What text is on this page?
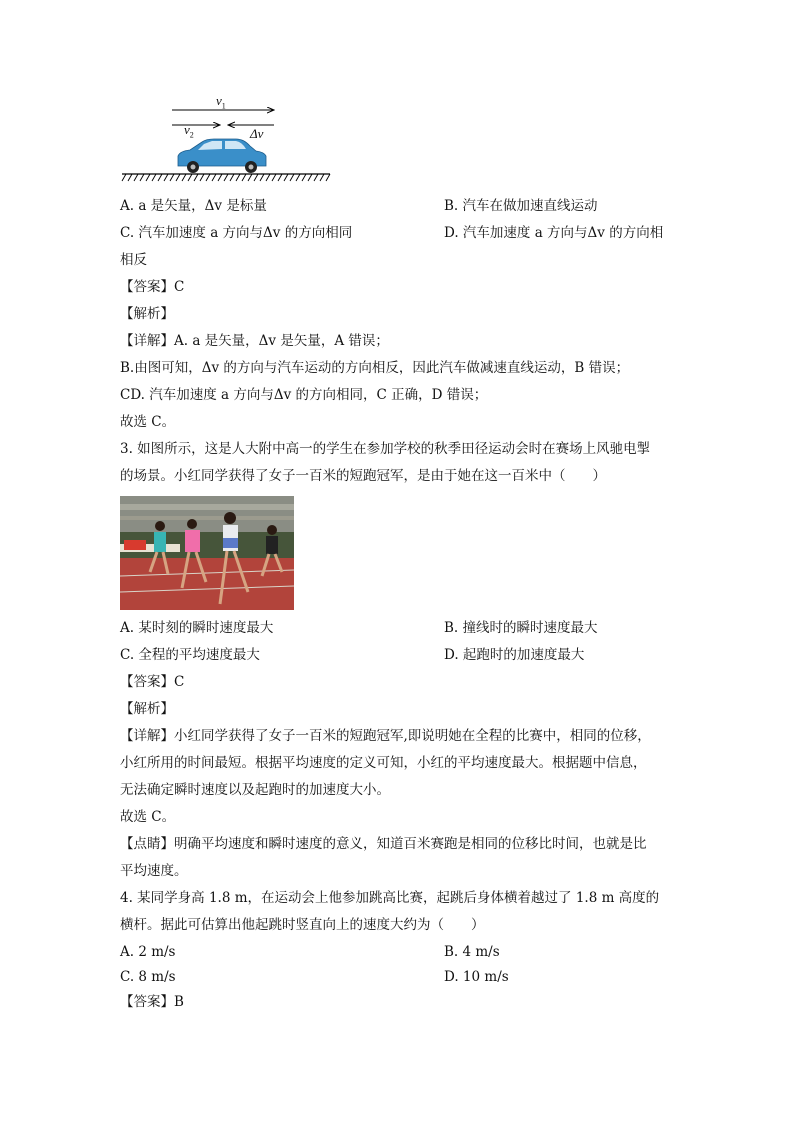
$v_1$
$v_2$	Δv
A. a 是矢量，Δv 是标量	B. 汽车在做加速直线运动
C. 汽车加速度 a 方向与Δv 的方向相同	D. 汽车加速度 a 方向与Δv 的方向相
相反
【答案】C
【解析】
【详解】A. a 是矢量，Δv 是矢量，A 错误；
B.由图可知，Δv 的方向与汽车运动的方向相反，因此汽车做减速直线运动，B 错误；
CD. 汽车加速度 a 方向与Δv 的方向相同，C 正确，D 错误；
故选 C。
3. 如图所示，这是人大附中高一的学生在参加学校的秋季田径运动会时在赛场上风驰电掣
的场景。小红同学获得了女子一百米的短跑冠军，是由于她在这一百米中（　　）
A. 某时刻的瞬时速度最大	B. 撞线时的瞬时速度最大
C. 全程的平均速度最大	D. 起跑时的加速度最大
【答案】C
【解析】
【详解】小红同学获得了女子一百米的短跑冠军,即说明她在全程的比赛中，相同的位移，
小红所用的时间最短。根据平均速度的定义可知，小红的平均速度最大。根据题中信息，
无法确定瞬时速度以及起跑时的加速度大小。
故选 C。
【点睛】明确平均速度和瞬时速度的意义，知道百米赛跑是相同的位移比时间，也就是比
平均速度。
4. 某同学身高 1.8 m，在运动会上他参加跳高比赛，起跳后身体横着越过了 1.8 m 高度的
横杆。据此可估算出他起跳时竖直向上的速度大约为（　　）
A. 2 m/s	B. 4 m/s
C. 8 m/s	D. 10 m/s
【答案】B
